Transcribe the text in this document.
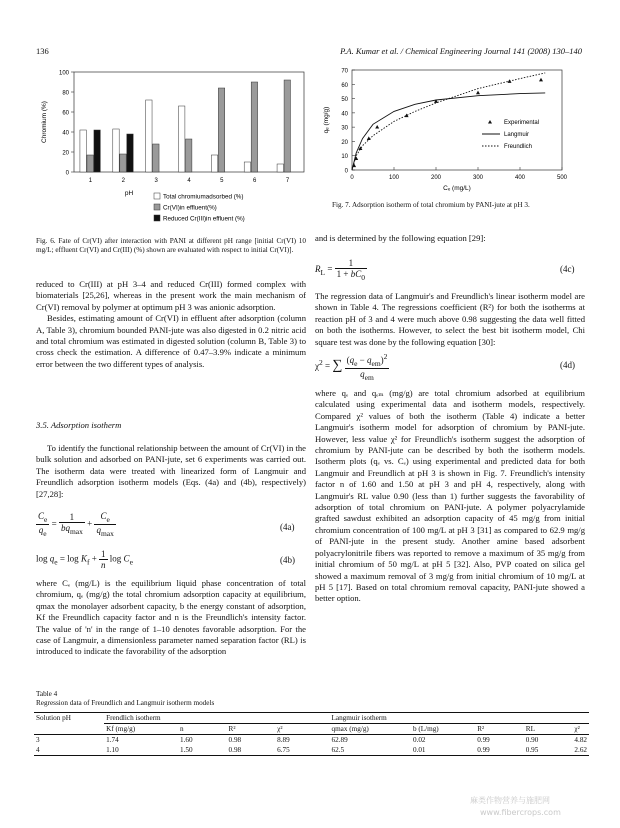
136	P.A. Kumar et al. / Chemical Engineering Journal 141 (2008) 130–140
0
20
40
60
80
100
Chromium (%)
1	2	3	4	5	6	7
pH	Total chromiumadsorbed (%)
Cr(VI)in effluent(%)
Reduced Cr(III)in effluent (%)
Fig. 6. Fate of Cr(VI) after interaction with PANI at different pH range [initial Cr(VI) 10 mg/L; effluent Cr(VI) and Cr(III) (%) shown are evaluated with respect to initial Cr(VI)].
0
10
20
30
40
50
60
70
0	100	200	300	400	500
Cₑ (mg/L)
qₑ (mg/g)	Experimental
Langmuir
Freundlich
Fig. 7. Adsorption isotherm of total chromium by PANI-jute at pH 3.

reduced to Cr(III) at pH 3–4 and reduced Cr(III) formed complex with biomaterials [25,26], whereas in the present work the main mechanism of Cr(VI) removal by polymer at optimum pH 3 was anionic adsorption.

Besides, estimating amount of Cr(VI) in effluent after adsorption (column A, Table 3), chromium bounded PANI-jute was also digested in 0.2 nitric acid and total chromium was estimated in digested solution (column B, Table 3) to cross check the estimation. A difference of 0.47–3.9% indicate a minimum error between the two different types of analysis.

3.5. Adsorption isotherm
To identify the functional relationship between the amount of Cr(VI) in the bulk solution and adsorbed on PANI-jute, set 6 experiments was carried out. The isotherm data were treated with linearized form of Langmuir and Freundlich adsorption isotherm models (Eqs. (4a) and (4b), respectively) [27,28]:
$\frac{C_e}{q_e} = \frac{1}{bq_{max}} + \frac{C_e}{q_{max}}$	(4a)
$\log q_e = \log K_f + \frac{1}{n}$ $\log C_e$	(4b)
where Cₑ (mg/L) is the equilibrium liquid phase concentration of total chromium, qₑ (mg/g) the total chromium adsorption capacity at equilibrium, qmax the monolayer adsorbent capacity, b the energy constant of adsorption, Kf the Freundlich capacity factor and n is the Freundlich's intensity factor. The value of 'n' in the range of 1–10 denotes favorable adsorption. For the case of Langmuir, a dimensionless parameter named separation factor (RL) is introduced to indicate the favorability of the adsorption
and is determined by the following equation [29]:
$R_L = \frac{1}{1 + bC_0}$	(4c)
The regression data of Langmuir's and Freundlich's linear isotherm model are shown in Table 4. The regressions coefficient (R²) for both the isotherms at reaction pH of 3 and 4 were much above 0.98 suggesting the data well fitted on both the isotherms. However, to select the best bit isotherm model, Chi square test was done by the following equation [30]:
$\chi^2$ = ∑ $\frac{(q_e - q_{em})^2}{q_{em}}$	(4d)
where qₑ and qₑₘ (mg/g) are total chromium adsorbed at equilibrium calculated using experimental data and isotherm models, respectively. Compared χ² values of both the isotherm (Table 4) indicate a better Langmuir's isotherm model for adsorption of chromium by PANI-jute. However, less value χ² for Freundlich's isotherm suggest the adsorption of chromium by PANI-jute can be described by both the isotherm models. Isotherm plots (qₑ vs. Cₑ) using experimental and predicted data for both Langmuir and Freundlich at pH 3 is shown in Fig. 7. Freundlich's intensity factor n of 1.60 and 1.50 at pH 3 and pH 4, respectively, along with Langmuir's RL value 0.90 (less than 1) further suggests the favorability of adsorption of total chromium on PANI-jute. A polymer polyacrylamide grafted sawdust exhibited an adsorption capacity of 45 mg/g from initial chromium concentration of 100 mg/L at pH 3 [31] as compared to 62.9 mg/g of PANI-jute in the present study. Another amine based adsorbent polyacrylonitrile fibers was reported to remove a maximum of 35 mg/g from initial chromium of 50 mg/L at pH 5 [32]. Also, PVP coated on silica gel showed a maximum removal of 3 mg/g from initial chromium of 10 mg/L at pH 5 [17]. Based on total chromium removal capacity, PANI-jute showed a better option.
Table 4
Regression data of Freundlich and Langmuir isotherm models
Solution pH	Frendlich isotherm				Langmuir isotherm				
	Kf (mg/g)	n	R²	χ²	qmax (mg/g)	b (L/mg)	R²	RL	χ²
3	1.74	1.60	0.98	8.89	62.89	0.02	0.99	0.90	4.82
4	1.10	1.50	0.98	6.75	62.5	0.01	0.99	0.95	2.62
麻类作物营养与施肥网
www.fibercrops.com
